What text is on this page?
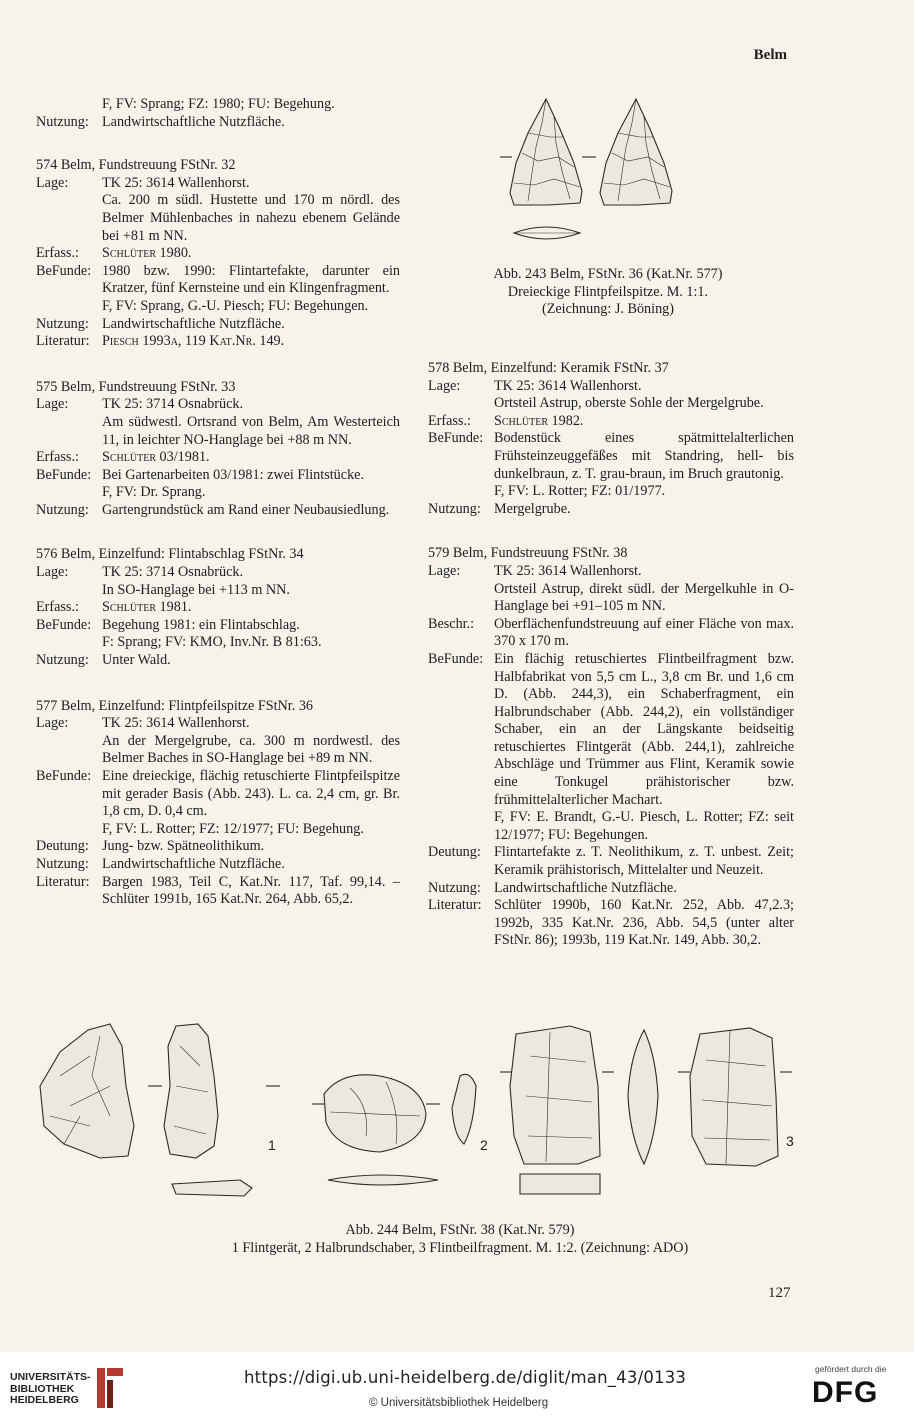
Belm
F, FV: Sprang; FZ: 1980; FU: Begehung.
Nutzung: Landwirtschaftliche Nutzfläche.
574 Belm, Fundstreuung FStNr. 32
Lage:	TK 25: 3614 Wallenhorst.
Ca. 200 m südl. Hustette und 170 m nördl. des Belmer Mühlenbaches in nahezu ebenem Gelände bei +81 m NN.
Erfass.:	Schlüter 1980.
BeFunde: 1980 bzw. 1990: Flintartefakte, darunter ein Kratzer, fünf Kernsteine und ein Klingenfragment.
F, FV: Sprang, G.-U. Piesch; FU: Begehungen.
Nutzung: Landwirtschaftliche Nutzfläche.
Literatur: Piesch 1993a, 119 Kat.Nr. 149.
575 Belm, Fundstreuung FStNr. 33
Lage:	TK 25: 3714 Osnabrück.
Am südwestl. Ortsrand von Belm, Am Westerteich 11, in leichter NO-Hanglage bei +88 m NN.
Erfass.:	Schlüter 03/1981.
BeFunde: Bei Gartenarbeiten 03/1981: zwei Flintstücke.
F, FV: Dr. Sprang.
Nutzung: Gartengrundstück am Rand einer Neubausiedlung.
576 Belm, Einzelfund: Flintabschlag FStNr. 34
Lage:	TK 25: 3714 Osnabrück.
In SO-Hanglage bei +113 m NN.
Erfass.:	Schlüter 1981.
BeFunde: Begehung 1981: ein Flintabschlag.
F: Sprang; FV: KMO, Inv.Nr. B 81:63.
Nutzung: Unter Wald.
577 Belm, Einzelfund: Flintpfeilspitze FStNr. 36
Lage:	TK 25: 3614 Wallenhorst.
An der Mergelgrube, ca. 300 m nordwestl. des Belmer Baches in SO-Hanglage bei +89 m NN.
BeFunde: Eine dreieckige, flächig retuschierte Flintpfeilspitze mit gerader Basis (Abb. 243). L. ca. 2,4 cm, gr. Br. 1,8 cm, D. 0,4 cm.
F, FV: L. Rotter; FZ: 12/1977; FU: Begehung.
Deutung: Jung- bzw. Spätneolithikum.
Nutzung: Landwirtschaftliche Nutzfläche.
Literatur: Bargen 1983, Teil C, Kat.Nr. 117, Taf. 99,14. – Schlüter 1991b, 165 Kat.Nr. 264, Abb. 65,2.
Abb. 243 Belm, FStNr. 36 (Kat.Nr. 577)
Dreieckige Flintpfeilspitze. M. 1:1.
(Zeichnung: J. Böning)
578 Belm, Einzelfund: Keramik FStNr. 37
Lage:	TK 25: 3614 Wallenhorst.
Ortsteil Astrup, oberste Sohle der Mergelgrube.
Erfass.:	Schlüter 1982.
BeFunde: Bodenstück eines spätmittelalterlichen Frühsteinzeuggefäßes mit Standring, hell- bis dunkelbraun, z. T. grau-braun, im Bruch grautonig.
F, FV: L. Rotter; FZ: 01/1977.
Nutzung: Mergelgrube.
579 Belm, Fundstreuung FStNr. 38
Lage:	TK 25: 3614 Wallenhorst.
Ortsteil Astrup, direkt südl. der Mergelkuhle in O-Hanglage bei +91–105 m NN.
Beschr.:	Oberflächenfundstreuung auf einer Fläche von max. 370 x 170 m.
BeFunde: Ein flächig retuschiertes Flintbeilfragment bzw. Halbfabrikat von 5,5 cm L., 3,8 cm Br. und 1,6 cm D. (Abb. 244,3), ein Schaberfragment, ein Halbrundschaber (Abb. 244,2), ein vollständiger Schaber, ein an der Längskante beidseitig retuschiertes Flintgerät (Abb. 244,1), zahlreiche Abschläge und Trümmer aus Flint, Keramik sowie eine Tonkugel prähistorischer bzw. frühmittelalterlicher Machart.
F, FV: E. Brandt, G.-U. Piesch, L. Rotter; FZ: seit 12/1977; FU: Begehungen.
Deutung: Flintartefakte z. T. Neolithikum, z. T. unbest. Zeit; Keramik prähistorisch, Mittelalter und Neuzeit.
Nutzung: Landwirtschaftliche Nutzfläche.
Literatur: Schlüter 1990b, 160 Kat.Nr. 252, Abb. 47,2.3; 1992b, 335 Kat.Nr. 236, Abb. 54,5 (unter alter FStNr. 86); 1993b, 119 Kat.Nr. 149, Abb. 30,2.
1	2	3
Abb. 244 Belm, FStNr. 38 (Kat.Nr. 579)
1 Flintgerät, 2 Halbrundschaber, 3 Flintbeilfragment. M. 1:2. (Zeichnung: ADO)
127
UNIVERSITÄTS-
BIBLIOTHEK
HEIDELBERG
https://digi.ub.uni-heidelberg.de/diglit/man_43/0133
© Universitätsbibliothek Heidelberg
gefördert durch die
DFG
